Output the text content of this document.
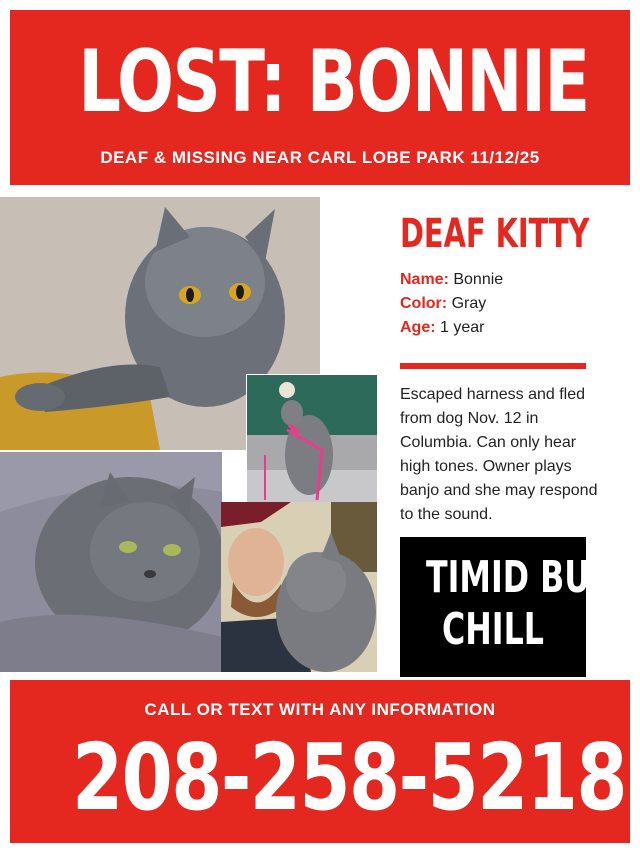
LOST: BONNIE
DEAF & MISSING NEAR CARL LOBE PARK 11/12/25
DEAF KITTY
Name: Bonnie
Color: Gray
Age: 1 year
Escaped harness and fled from dog Nov. 12 in Columbia. Can only hear high tones. Owner plays banjo and she may respond to the sound.
TIMID BUT
CHILL
CALL OR TEXT WITH ANY INFORMATION
208-258-5218
